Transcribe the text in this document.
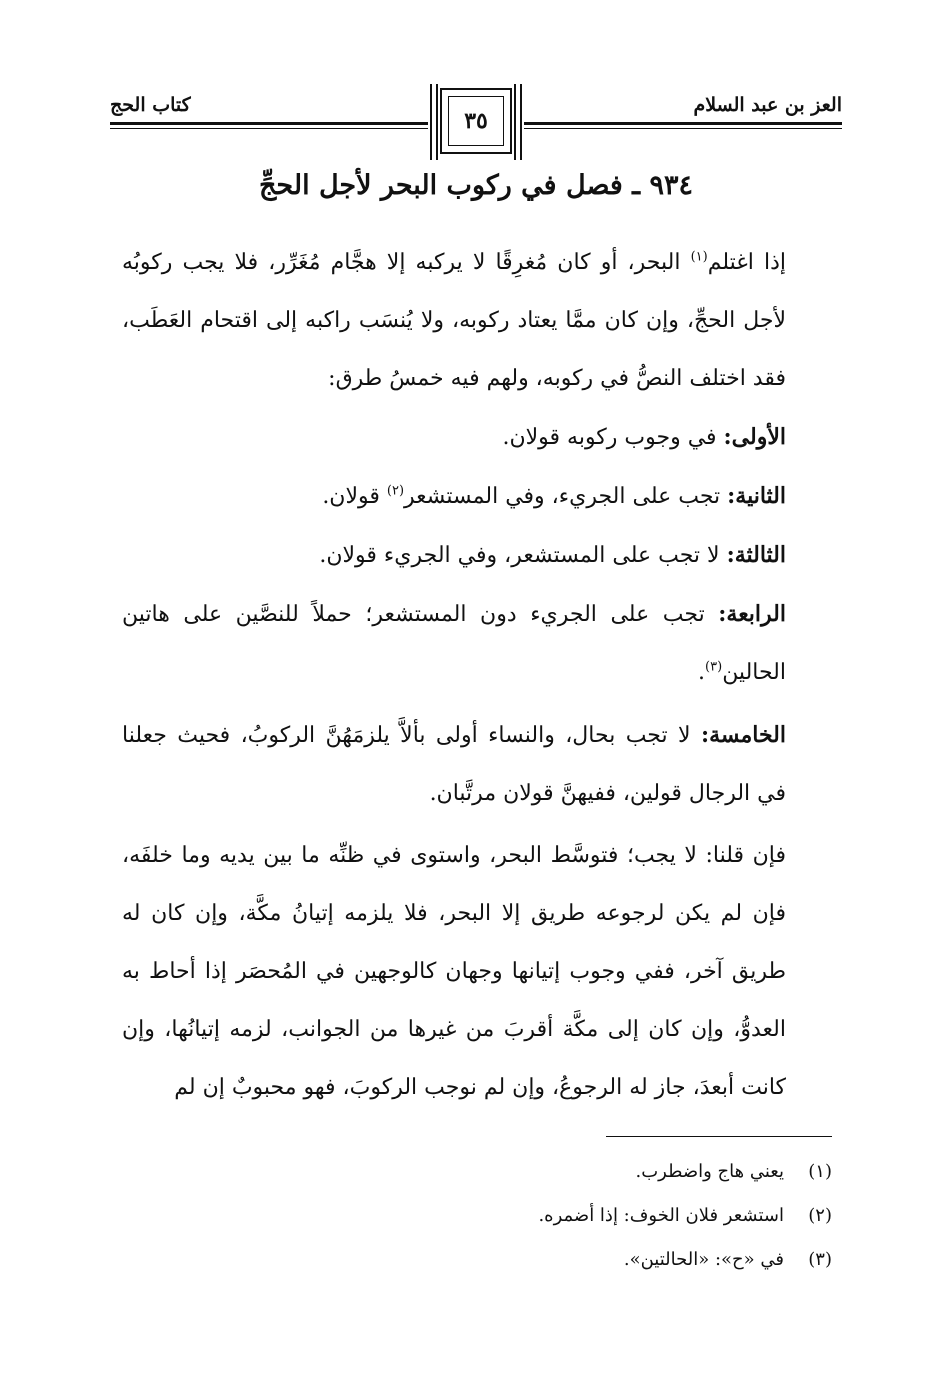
العز بن عبد السلام
٣٥
كتاب الحج
٩٣٤ ـ فصل في ركوب البحر لأجل الحجِّ

إذا اغتلم$^{(١)}$ البحر، أو كان مُغرِقًا لا يركبه إلا هجَّام مُغَرِّر، فلا يجب ركوبُه لأجل الحجِّ، وإن كان ممَّا يعتاد ركوبه، ولا يُنسَب راكبه إلى اقتحام العَطَب، فقد اختلف النصُّ في ركوبه، ولهم فيه خمسُ طرق:

الأولى: في وجوب ركوبه قولان.

الثانية: تجب على الجريء، وفي المستشعر$^{(٢)}$ قولان.

الثالثة: لا تجب على المستشعر، وفي الجريء قولان.

الرابعة: تجب على الجريء دون المستشعر؛ حملاً للنصَّين على هاتين الحالين$^{(٣)}$.

الخامسة: لا تجب بحال، والنساء أولى بألاَّ يلزمَهُنَّ الركوبُ، فحيث جعلنا في الرجال قولين، ففيهنَّ قولان مرتَّبان.

فإن قلنا: لا يجب؛ فتوسَّط البحر، واستوى في ظنِّه ما بين يديه وما خلفَه، فإن لم يكن لرجوعه طريق إلا البحر، فلا يلزمه إتيانُ مكَّة، وإن كان له طريق آخر، ففي وجوب إتيانها وجهان كالوجهين في المُحصَر إذا أحاط به العدوُّ، وإن كان إلى مكَّة أقربَ من غيرها من الجوانب، لزمه إتيانُها، وإن كانت أبعدَ، جاز له الرجوعُ، وإن لم نوجب الركوبَ، فهو محبوبٌ إن لم

(١)يعني هاج واضطرب.
(٢)استشعر فلان الخوف: إذا أضمره.
(٣)في «ح»: «الحالتين».
